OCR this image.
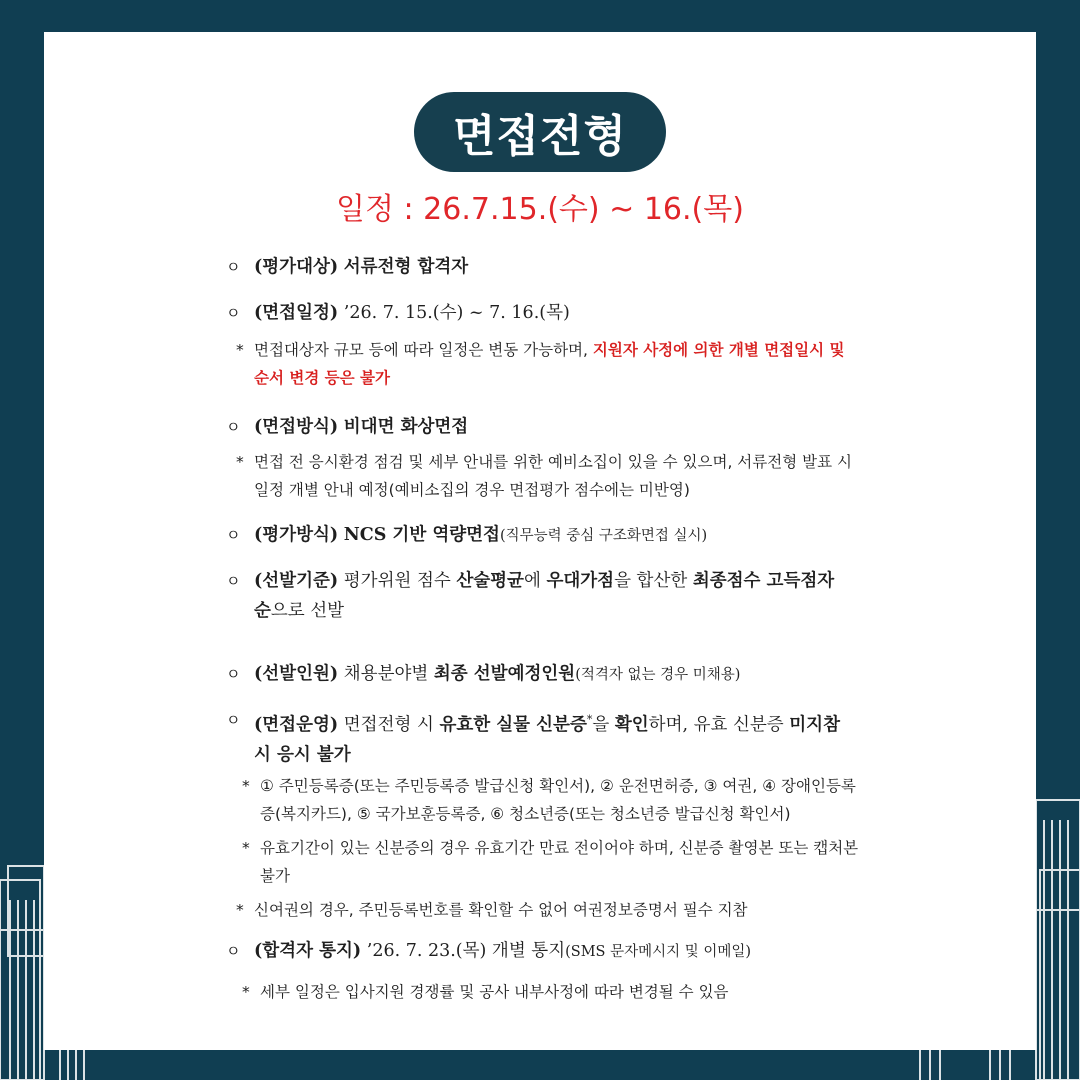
면접전형
일정 : 26.7.15.(수) ~ 16.(목)
ㅇ (평가대상) 서류전형 합격자
ㅇ (면접일정) ’26. 7. 15.(수) ~ 7. 16.(목)
* 면접대상자 규모 등에 따라 일정은 변동 가능하며, 지원자 사정에 의한 개별 면접일시 및 순서 변경 등은 불가
ㅇ (면접방식) 비대면 화상면접
* 면접 전 응시환경 점검 및 세부 안내를 위한 예비소집이 있을 수 있으며, 서류전형 발표 시 일정 개별 안내 예정(예비소집의 경우 면접평가 점수에는 미반영)
ㅇ (평가방식) NCS 기반 역량면접(직무능력 중심 구조화면접 실시)
ㅇ (선발기준) 평가위원 점수 산술평균에 우대가점을 합산한 최종점수 고득점자 순으로 선발
ㅇ (선발인원) 채용분야별 최종 선발예정인원(적격자 없는 경우 미채용)
ㅇ (면접운영) 면접전형 시 유효한 실물 신분증*을 확인하며, 유효 신분증 미지참 시 응시 불가
* ① 주민등록증(또는 주민등록증 발급신청 확인서), ② 운전면허증, ③ 여권, ④ 장애인등록증(복지카드), ⑤ 국가보훈등록증, ⑥ 청소년증(또는 청소년증 발급신청 확인서)
* 유효기간이 있는 신분증의 경우 유효기간 만료 전이어야 하며, 신분증 촬영본 또는 캡처본 불가
* 신여권의 경우, 주민등록번호를 확인할 수 없어 여권정보증명서 필수 지참
ㅇ (합격자 통지) ’26. 7. 23.(목) 개별 통지(SMS 문자메시지 및 이메일)
* 세부 일정은 입사지원 경쟁률 및 공사 내부사정에 따라 변경될 수 있음
